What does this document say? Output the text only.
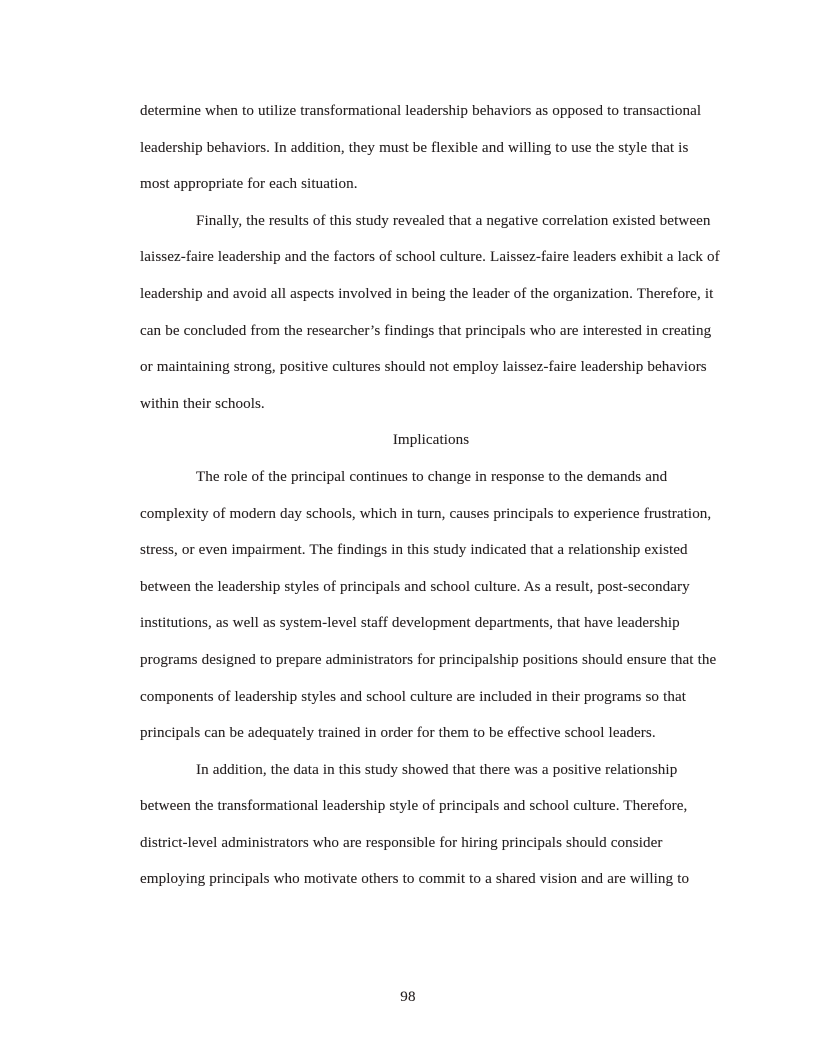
determine when to utilize transformational leadership behaviors as opposed to transactional leadership behaviors. In addition, they must be flexible and willing to use the style that is most appropriate for each situation.

Finally, the results of this study revealed that a negative correlation existed between laissez-faire leadership and the factors of school culture. Laissez-faire leaders exhibit a lack of leadership and avoid all aspects involved in being the leader of the organization. Therefore, it can be concluded from the researcher’s findings that principals who are interested in creating or maintaining strong, positive cultures should not employ laissez-faire leadership behaviors within their schools.

Implications

The role of the principal continues to change in response to the demands and complexity of modern day schools, which in turn, causes principals to experience frustration, stress, or even impairment. The findings in this study indicated that a relationship existed between the leadership styles of principals and school culture. As a result, post-secondary institutions, as well as system-level staff development departments, that have leadership programs designed to prepare administrators for principalship positions should ensure that the components of leadership styles and school culture are included in their programs so that principals can be adequately trained in order for them to be effective school leaders.

In addition, the data in this study showed that there was a positive relationship between the transformational leadership style of principals and school culture. Therefore, district-level administrators who are responsible for hiring principals should consider employing principals who motivate others to commit to a shared vision and are willing to

98
